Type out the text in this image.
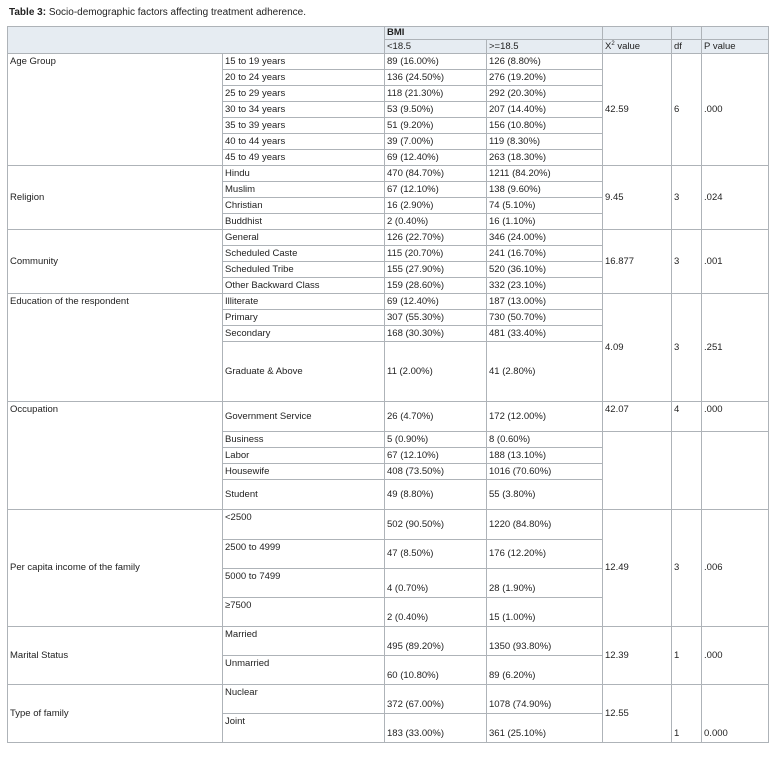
Table 3: Socio-demographic factors affecting treatment adherence.
		BMI				
		<18.5	>=18.5	$X^2$ value	df	P value
Age Group	15 to 19 years	89 (16.00%)	126 (8.80%)	42.59	6	.000
	20 to 24 years	136 (24.50%)	276 (19.20%)			
	25 to 29 years	118 (21.30%)	292 (20.30%)			
	30 to 34 years	53 (9.50%)	207 (14.40%)			
	35 to 39 years	51 (9.20%)	156 (10.80%)			
	40 to 44 years	39 (7.00%)	119 (8.30%)			
	45 to 49 years	69 (12.40%)	263 (18.30%)			
Religion	Hindu	470 (84.70%)	1211 (84.20%)	9.45	3	.024
	Muslim	67 (12.10%)	138 (9.60%)			
	Christian	16 (2.90%)	74 (5.10%)			
	Buddhist	2 (0.40%)	16 (1.10%)			
Community	General	126 (22.70%)	346 (24.00%)	16.877	3	.001
	Scheduled Caste	115 (20.70%)	241 (16.70%)			
	Scheduled Tribe	155 (27.90%)	520 (36.10%)			
	Other Backward Class	159 (28.60%)	332 (23.10%)			
Education of the respondent	Illiterate	69 (12.40%)	187 (13.00%)	4.09	3	.251
	Primary	307 (55.30%)	730 (50.70%)			
	Secondary	168 (30.30%)	481 (33.40%)			
	Graduate & Above	11 (2.00%)	41 (2.80%)			
Occupation	Government Service	26 (4.70%)	172 (12.00%)	42.07	4	.000
	Business	5 (0.90%)	8 (0.60%)			
	Labor	67 (12.10%)	188 (13.10%)			
	Housewife	408 (73.50%)	1016 (70.60%)			
	Student	49 (8.80%)	55 (3.80%)			
Per capita income of the family	<2500	502 (90.50%)	1220 (84.80%)	12.49	3	.006
	2500 to 4999	47 (8.50%)	176 (12.20%)			
	5000 to 7499	4 (0.70%)	28 (1.90%)			
	≥7500	2 (0.40%)	15 (1.00%)			
Marital Status	Married	495 (89.20%)	1350 (93.80%)	12.39	1	.000
	Unmarried	60 (10.80%)	89 (6.20%)			
Type of family	Nuclear	372 (67.00%)	1078 (74.90%)	12.55	1	0.000
	Joint	183 (33.00%)	361 (25.10%)			
